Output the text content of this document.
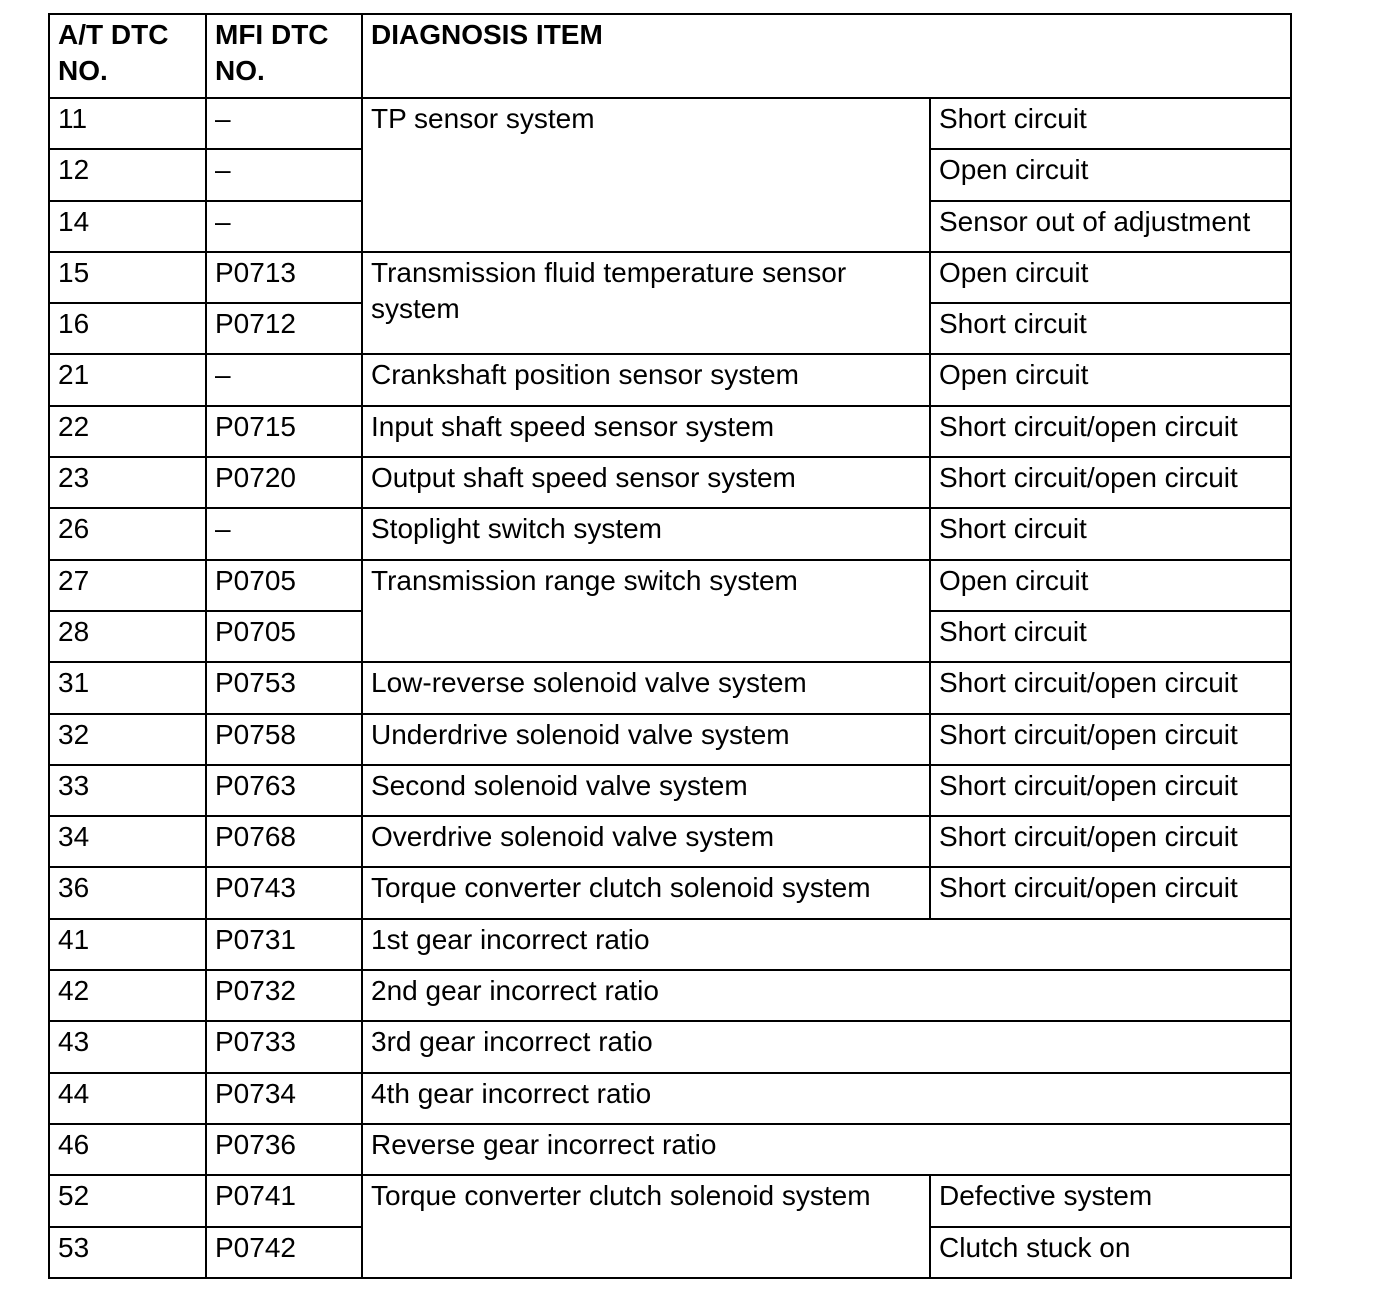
A/T DTC NO.	MFI DTC NO.	DIAGNOSIS ITEM	
11	–	TP sensor system	Short circuit
12	–		Open circuit
14	–		Sensor out of adjustment
15	P0713	Transmission fluid temperature sensor system	Open circuit
16	P0712		Short circuit
21	–	Crankshaft position sensor system	Open circuit
22	P0715	Input shaft speed sensor system	Short circuit/open circuit
23	P0720	Output shaft speed sensor system	Short circuit/open circuit
26	–	Stoplight switch system	Short circuit
27	P0705	Transmission range switch system	Open circuit
28	P0705		Short circuit
31	P0753	Low-reverse solenoid valve system	Short circuit/open circuit
32	P0758	Underdrive solenoid valve system	Short circuit/open circuit
33	P0763	Second solenoid valve system	Short circuit/open circuit
34	P0768	Overdrive solenoid valve system	Short circuit/open circuit
36	P0743	Torque converter clutch solenoid system	Short circuit/open circuit
41	P0731	1st gear incorrect ratio	
42	P0732	2nd gear incorrect ratio	
43	P0733	3rd gear incorrect ratio	
44	P0734	4th gear incorrect ratio	
46	P0736	Reverse gear incorrect ratio	
52	P0741	Torque converter clutch solenoid system	Defective system
53	P0742		Clutch stuck on
